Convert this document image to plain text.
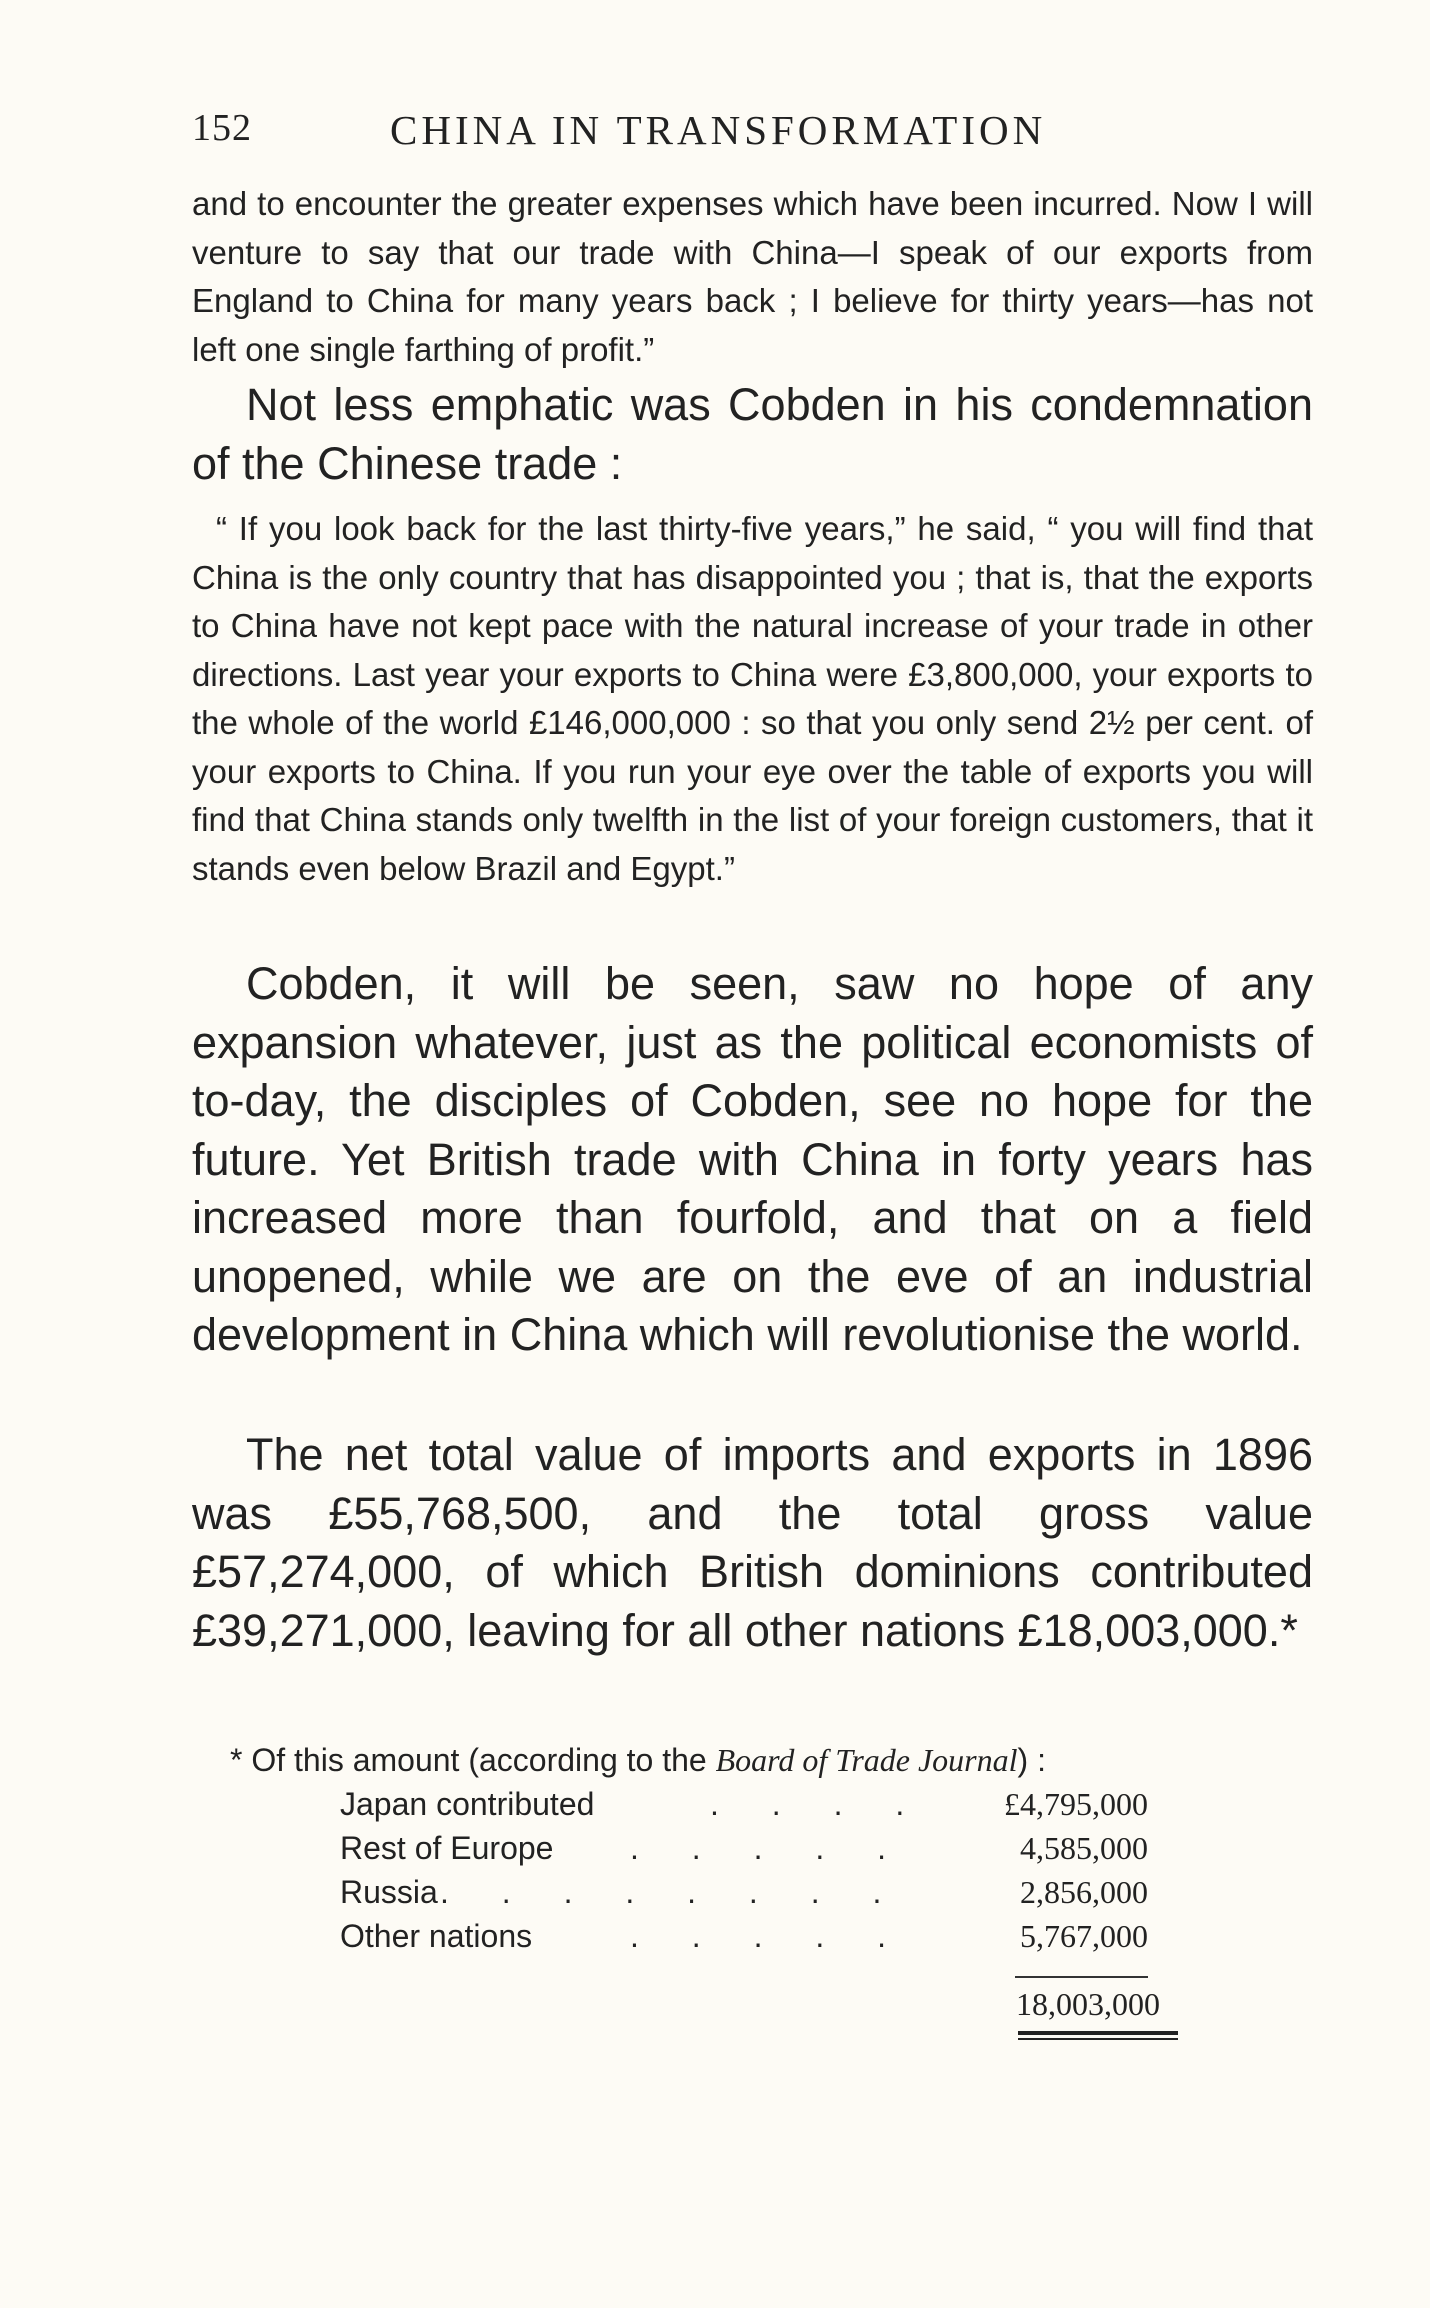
152	CHINA IN TRANSFORMATION

and to encounter the greater expenses which have been incurred. Now I will venture to say that our trade with China—I speak of our exports from England to China for many years back ; I believe for thirty years—has not left one single farthing of profit.”

Not less emphatic was Cobden in his condemnation of the Chinese trade :

“ If you look back for the last thirty-five years,” he said, “ you will find that China is the only country that has disappointed you ; that is, that the exports to China have not kept pace with the natural increase of your trade in other directions. Last year your exports to China were £3,800,000, your exports to the whole of the world £146,000,000 : so that you only send 2½ per cent. of your exports to China. If you run your eye over the table of exports you will find that China stands only twelfth in the list of your foreign customers, that it stands even below Brazil and Egypt.”

Cobden, it will be seen, saw no hope of any expansion whatever, just as the political economists of to-day, the disciples of Cobden, see no hope for the future. Yet British trade with China in forty years has increased more than fourfold, and that on a field unopened, while we are on the eve of an industrial development in China which will revolutionise the world.

The net total value of imports and exports in 1896 was £55,768,500, and the total gross value £57,274,000, of which British dominions contributed £39,271,000, leaving for all other nations £18,003,000.*

* Of this amount (according to the Board of Trade Journal) :
Japan contributed	. . . .	£4,795,000
Rest of Europe . . . . .	4,585,000
Russia . . . . . . . .	2,856,000
Other nations	. . . . .	5,767,000
18,003,000
